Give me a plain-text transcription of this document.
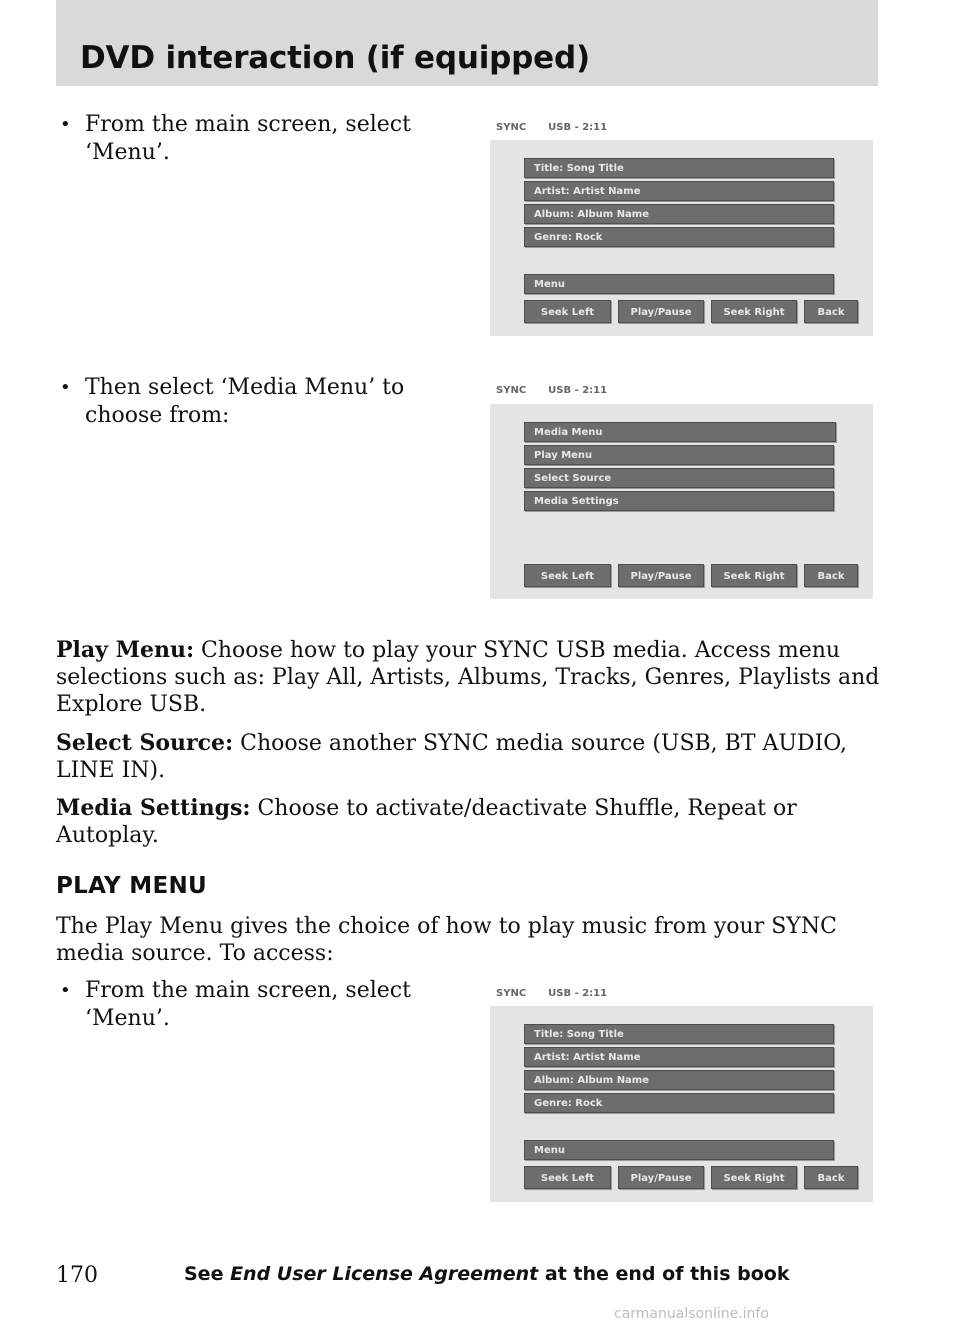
DVD interaction (if equipped)
• From the main screen, select ‘Menu’.
SYNC USB - 2:11
Title: Song Title
Artist: Artist Name
Album: Album Name
Genre: Rock
Menu
Seek Left	Play/Pause	Seek Right	Back
• Then select ‘Media Menu’ to choose from:
SYNC USB - 2:11
Media Menu
Play Menu
Select Source
Media Settings
Seek Left	Play/Pause	Seek Right	Back
Play Menu: Choose how to play your SYNC USB media. Access menu selections such as: Play All, Artists, Albums, Tracks, Genres, Playlists and Explore USB.
Select Source: Choose another SYNC media source (USB, BT AUDIO, LINE IN).
Media Settings: Choose to activate/deactivate Shuffle, Repeat or Autoplay.
PLAY MENU
The Play Menu gives the choice of how to play music from your SYNC media source. To access:
• From the main screen, select ‘Menu’.
SYNC USB - 2:11
Title: Song Title
Artist: Artist Name
Album: Album Name
Genre: Rock
Menu
Seek Left	Play/Pause	Seek Right	Back
170	See End User License Agreement at the end of this book
carmanualsonline.info
